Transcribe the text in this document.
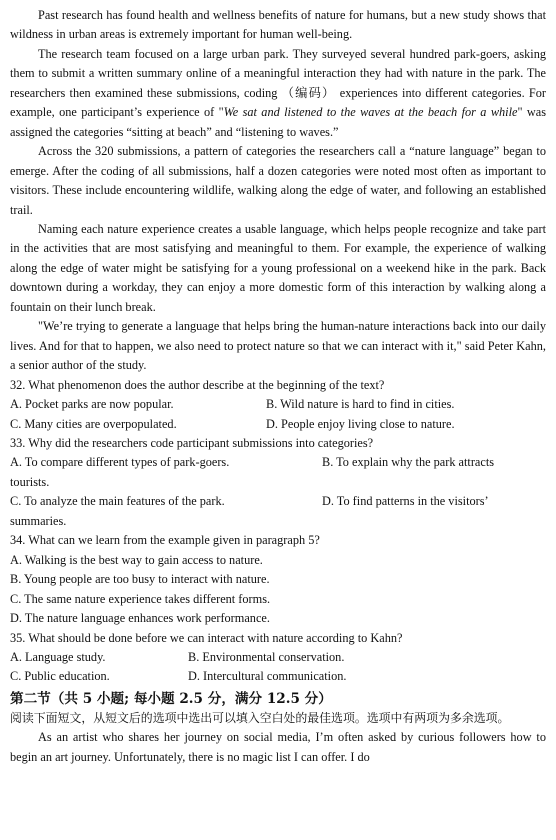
Past research has found health and wellness benefits of nature for humans, but a new study shows that wildness in urban areas is extremely important for human well-being.

The research team focused on a large urban park. They surveyed several hundred park-goers, asking them to submit a written summary online of a meaningful interaction they had with nature in the park. The researchers then examined these submissions, coding （编码） experiences into different categories. For example, one participant’s experience of "We sat and listened to the waves at the beach for a while" was assigned the categories “sitting at beach” and “listening to waves.”

Across the 320 submissions, a pattern of categories the researchers call a “nature language” began to emerge. After the coding of all submissions, half a dozen categories were noted most often as important to visitors. These include encountering wildlife, walking along the edge of water, and following an established trail.

Naming each nature experience creates a usable language, which helps people recognize and take part in the activities that are most satisfying and meaningful to them. For example, the experience of walking along the edge of water might be satisfying for a young professional on a weekend hike in the park. Back downtown during a workday, they can enjoy a more domestic form of this interaction by walking along a fountain on their lunch break.

"We’re trying to generate a language that helps bring the human-nature interactions back into our daily lives. And for that to happen, we also need to protect nature so that we can interact with it," said Peter Kahn, a senior author of the study.

32. What phenomenon does the author describe at the beginning of the text?

A. Pocket parks are now popular.	B. Wild nature is hard to find in cities.
C. Many cities are overpopulated.	D. People enjoy living close to nature.

33. Why did the researchers code participant submissions into categories?

A. To compare different types of park-goers.	B. To explain why the park attracts

tourists.

C. To analyze the main features of the park.	D. To find patterns in the visitors’

summaries.

34. What can we learn from the example given in paragraph 5?

A. Walking is the best way to gain access to nature.

B. Young people are too busy to interact with nature.

C. The same nature experience takes different forms.

D. The nature language enhances work performance.

35. What should be done before we can interact with nature according to Kahn?

A. Language study.	B. Environmental conservation.
C. Public education.	D. Intercultural communication.

第二节（共 5 小题; 每小题 2.5 分，满分 12.5 分）

阅读下面短文，从短文后的选项中选出可以填入空白处的最佳选项。选项中有两项为多余选项。

As an artist who shares her journey on social media, I’m often asked by curious followers how to begin an art journey. Unfortunately, there is no magic list I can offer. I do
